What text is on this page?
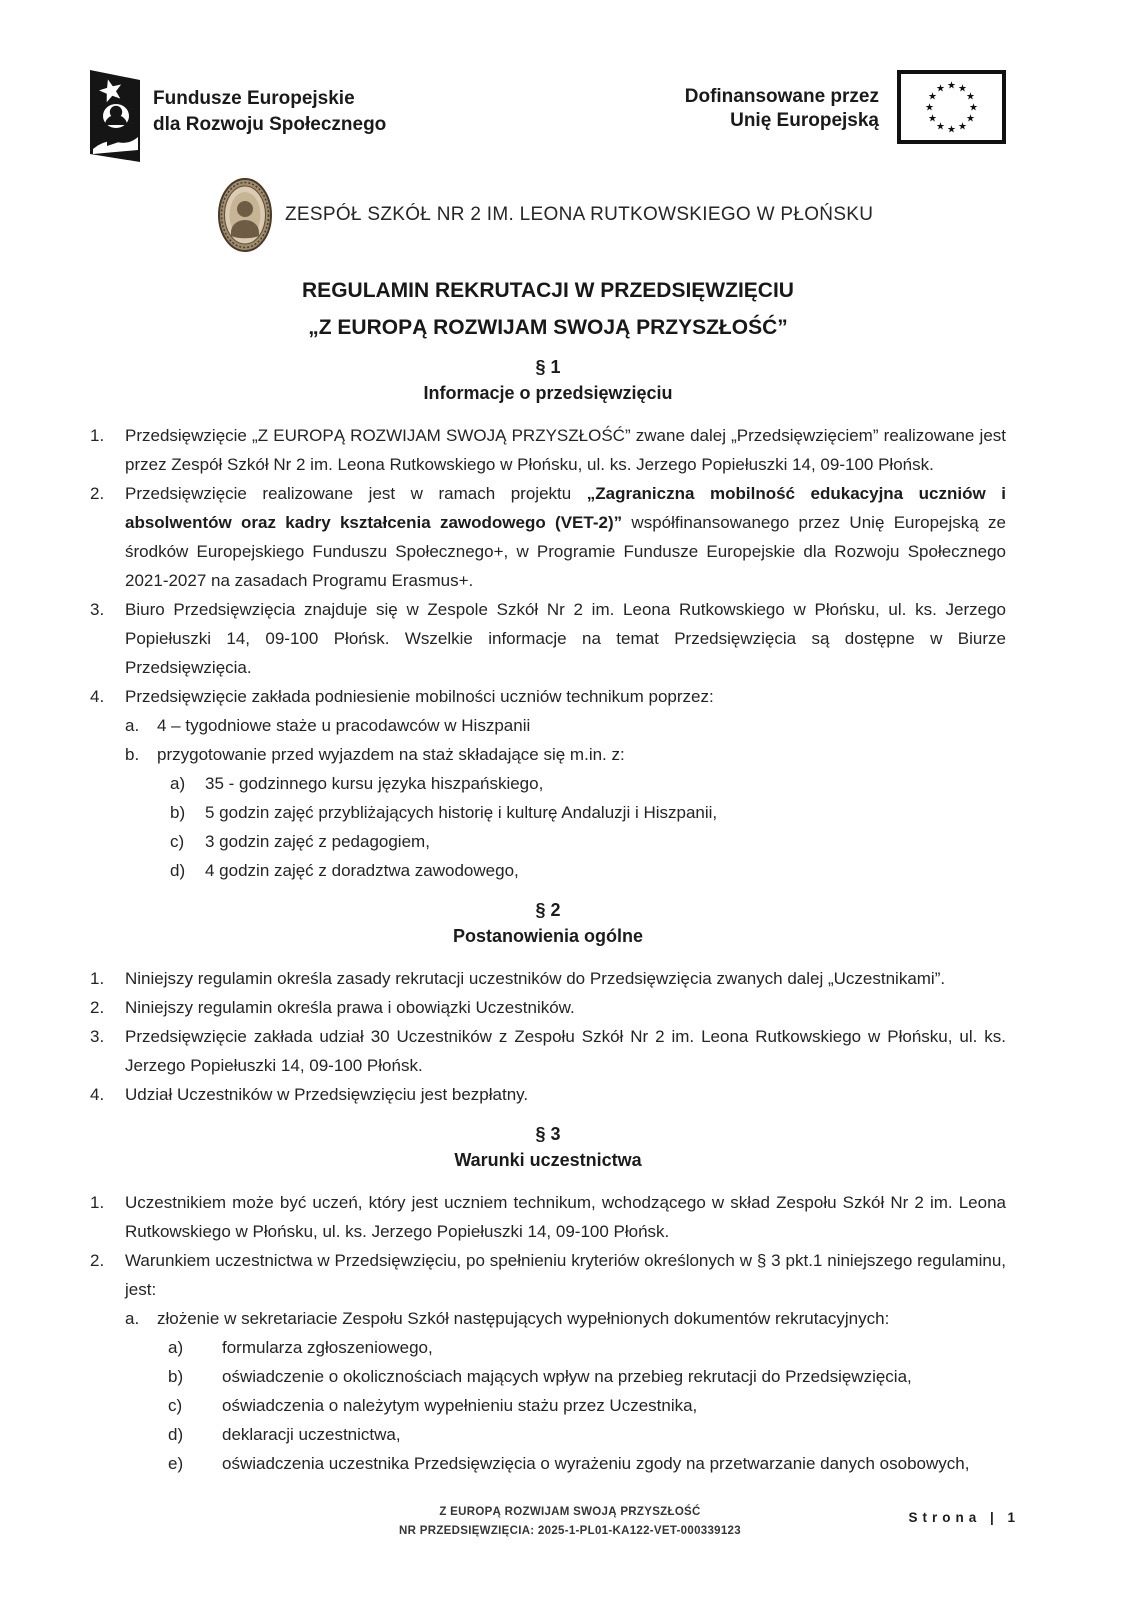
Fundusze Europejskie
dla Rozwoju Społecznego
Dofinansowane przez
Unię Europejską
★ ★
★
★
★
★
★
★
★
★
★
★
ZESPÓŁ SZKÓŁ NR 2 IM. LEONA RUTKOWSKIEGO W PŁOŃSKU
REGULAMIN REKRUTACJI W PRZEDSIĘWZIĘCIU
„Z EUROPĄ ROZWIJAM SWOJĄ PRZYSZŁOŚĆ”
§ 1
Informacje o przedsięwzięciu
1.	Przedsięwzięcie „Z EUROPĄ ROZWIJAM SWOJĄ PRZYSZŁOŚĆ” zwane dalej „Przedsięwzięciem” realizowane jest przez Zespół Szkół Nr 2 im. Leona Rutkowskiego w Płońsku, ul. ks. Jerzego Popiełuszki 14, 09-100 Płońsk.
2.	Przedsięwzięcie realizowane jest w ramach projektu „Zagraniczna mobilność edukacyjna uczniów i absolwentów oraz kadry kształcenia zawodowego (VET-2)” współfinansowanego przez Unię Europejską ze środków Europejskiego Funduszu Społecznego+, w Programie Fundusze Europejskie dla Rozwoju Społecznego 2021-2027 na zasadach Programu Erasmus+.
3.	Biuro Przedsięwzięcia znajduje się w Zespole Szkół Nr 2 im. Leona Rutkowskiego w Płońsku, ul. ks. Jerzego Popiełuszki 14, 09-100 Płońsk. Wszelkie informacje na temat Przedsięwzięcia są dostępne w Biurze Przedsięwzięcia.
4.	Przedsięwzięcie zakłada podniesienie mobilności uczniów technikum poprzez:
a.	4 – tygodniowe staże u pracodawców w Hiszpanii
b.	przygotowanie przed wyjazdem na staż składające się m.in. z:
a)	35 - godzinnego kursu języka hiszpańskiego,
b)	5 godzin zajęć przybliżających historię i kulturę Andaluzji i Hiszpanii,
c)	3 godzin zajęć z pedagogiem,
d)	4 godzin zajęć z doradztwa zawodowego,
§ 2
Postanowienia ogólne
1.	Niniejszy regulamin określa zasady rekrutacji uczestników do Przedsięwzięcia zwanych dalej „Uczestnikami”.
2.	Niniejszy regulamin określa prawa i obowiązki Uczestników.
3.	Przedsięwzięcie zakłada udział 30 Uczestników z Zespołu Szkół Nr 2 im. Leona Rutkowskiego w Płońsku, ul. ks. Jerzego Popiełuszki 14, 09-100 Płońsk.
4.	Udział Uczestników w Przedsięwzięciu jest bezpłatny.
§ 3
Warunki uczestnictwa
1.	Uczestnikiem może być uczeń, który jest uczniem technikum, wchodzącego w skład Zespołu Szkół Nr 2 im. Leona Rutkowskiego w Płońsku, ul. ks. Jerzego Popiełuszki 14, 09-100 Płońsk.
2.	Warunkiem uczestnictwa w Przedsięwzięciu, po spełnieniu kryteriów określonych w § 3 pkt.1 niniejszego regulaminu, jest:
a.	złożenie w sekretariacie Zespołu Szkół następujących wypełnionych dokumentów rekrutacyjnych:
a)	formularza zgłoszeniowego,
b)	oświadczenie o okolicznościach mających wpływ na przebieg rekrutacji do Przedsięwzięcia,
c)	oświadczenia o należytym wypełnieniu stażu przez Uczestnika,
d)	deklaracji uczestnictwa,
e)	oświadczenia uczestnika Przedsięwzięcia o wyrażeniu zgody na przetwarzanie danych osobowych,
Z EUROPĄ ROZWIJAM SWOJĄ PRZYSZŁOŚĆ
NR PRZEDSIĘWZIĘCIA: 2025-1-PL01-KA122-VET-000339123
Strona | 1
